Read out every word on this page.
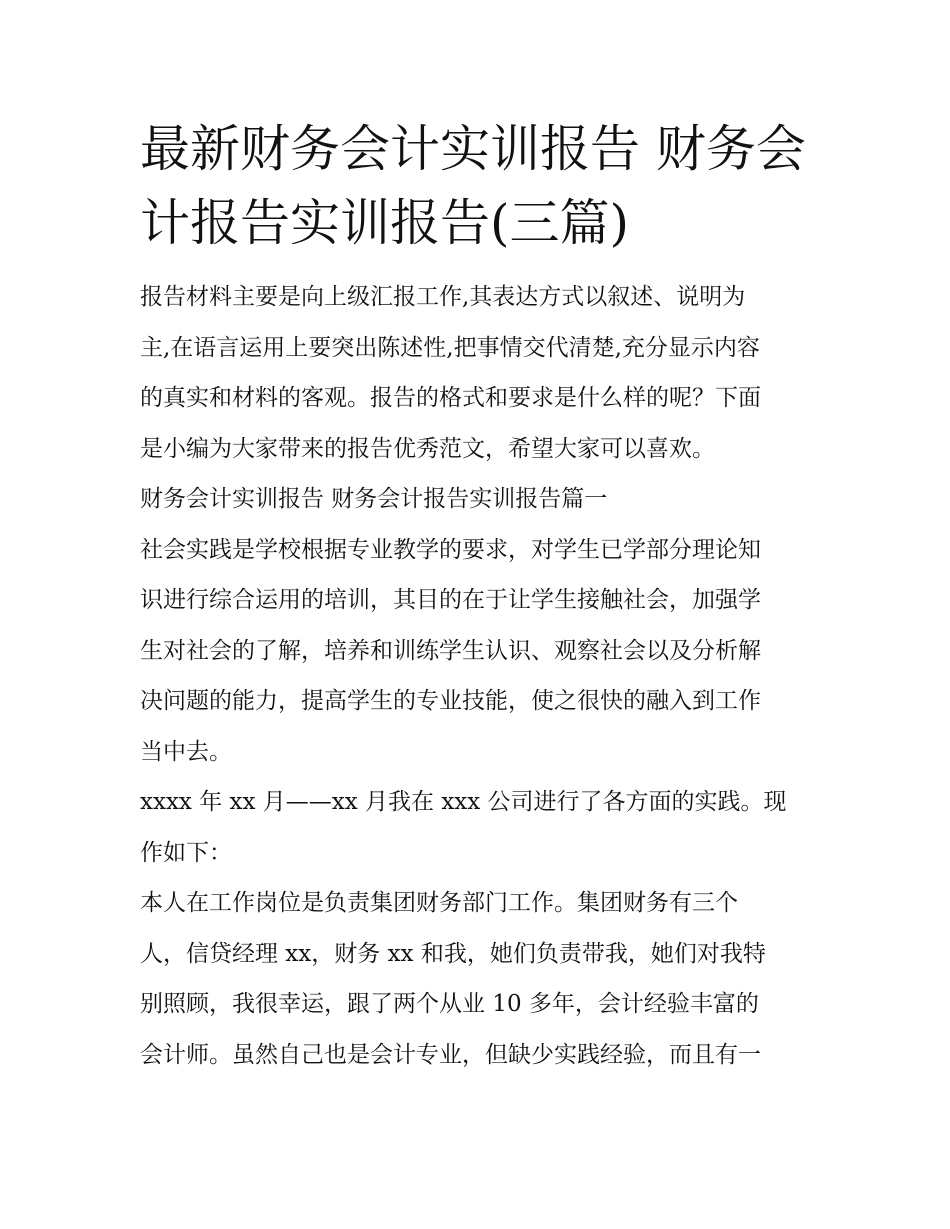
最新财务会计实训报告 财务会
计报告实训报告(三篇)
报告材料主要是向上级汇报工作,其表达方式以叙述、说明为
主,在语言运用上要突出陈述性,把事情交代清楚,充分显示内容
的真实和材料的客观。报告的格式和要求是什么样的呢？下面
是小编为大家带来的报告优秀范文，希望大家可以喜欢。
财务会计实训报告 财务会计报告实训报告篇一
社会实践是学校根据专业教学的要求，对学生已学部分理论知
识进行综合运用的培训，其目的在于让学生接触社会，加强学
生对社会的了解，培养和训练学生认识、观察社会以及分析解
决问题的能力，提高学生的专业技能，使之很快的融入到工作
当中去。
xxxx 年 xx 月——xx 月我在 xxx 公司进行了各方面的实践。现
作如下：
本人在工作岗位是负责集团财务部门工作。集团财务有三个
人，信贷经理 xx，财务 xx 和我，她们负责带我，她们对我特
别照顾，我很幸运，跟了两个从业 10 多年，会计经验丰富的
会计师。虽然自己也是会计专业，但缺少实践经验，而且有一
